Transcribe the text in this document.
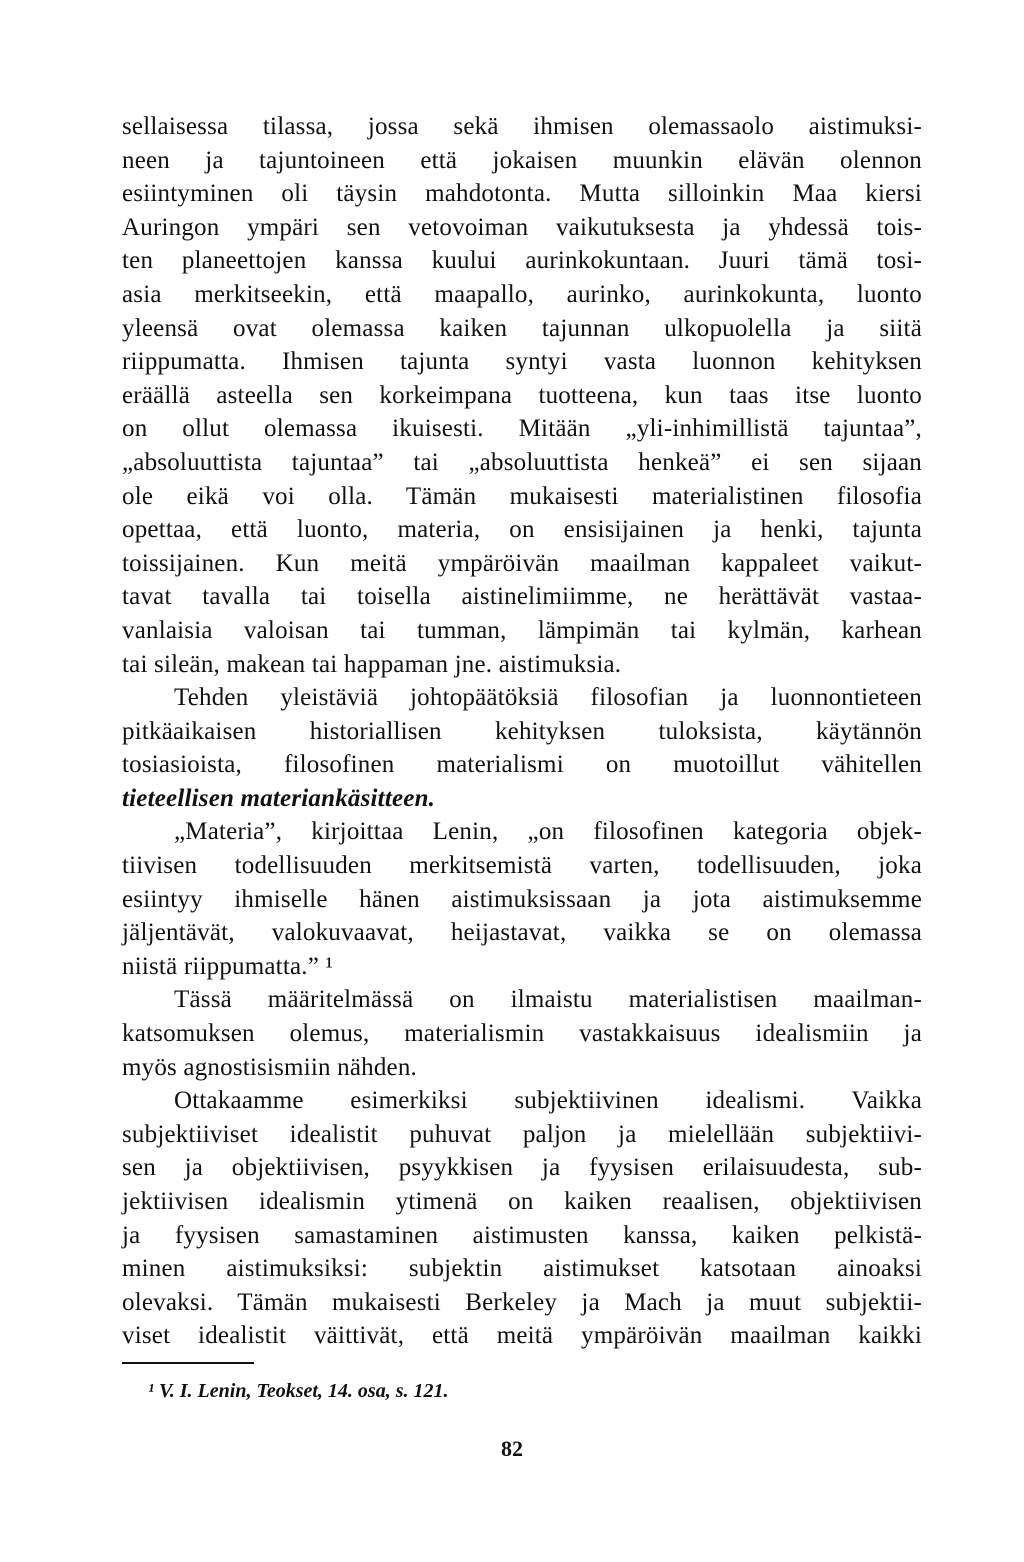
sellaisessa tilassa, jossa sekä ihmisen olemassaolo aistimuksi-
neen ja tajuntoineen että jokaisen muunkin elävän olennon
esiintyminen oli täysin mahdotonta. Mutta silloinkin Maa kiersi
Auringon ympäri sen vetovoiman vaikutuksesta ja yhdessä tois-
ten planeettojen kanssa kuului aurinkokuntaan. Juuri tämä tosi-
asia merkitseekin, että maapallo, aurinko, aurinkokunta, luonto
yleensä ovat olemassa kaiken tajunnan ulkopuolella ja siitä
riippumatta. Ihmisen tajunta syntyi vasta luonnon kehityksen
eräällä asteella sen korkeimpana tuotteena, kun taas itse luonto
on ollut olemassa ikuisesti. Mitään „yli-inhimillistä tajuntaa”,
„absoluuttista tajuntaa” tai „absoluuttista henkeä” ei sen sijaan
ole eikä voi olla. Tämän mukaisesti materialistinen filosofia
opettaa, että luonto, materia, on ensisijainen ja henki, tajunta
toissijainen. Kun meitä ympäröivän maailman kappaleet vaikut-
tavat tavalla tai toisella aistinelimiimme, ne herättävät vastaa-
vanlaisia valoisan tai tumman, lämpimän tai kylmän, karhean
tai sileän, makean tai happaman jne. aistimuksia.
Tehden yleistäviä johtopäätöksiä filosofian ja luonnontieteen
pitkäaikaisen historiallisen kehityksen tuloksista, käytännön
tosiasioista, filosofinen materialismi on muotoillut vähitellen
tieteellisen materiankäsitteen.
„Materia”, kirjoittaa Lenin, „on filosofinen kategoria objek-
tiivisen todellisuuden merkitsemistä varten, todellisuuden, joka
esiintyy ihmiselle hänen aistimuksissaan ja jota aistimuksemme
jäljentävät, valokuvaavat, heijastavat, vaikka se on olemassa
niistä riippumatta.” ¹
Tässä määritelmässä on ilmaistu materialistisen maailman-
katsomuksen olemus, materialismin vastakkaisuus idealismiin ja
myös agnostisismiin nähden.
Ottakaamme esimerkiksi subjektiivinen idealismi. Vaikka
subjektiiviset idealistit puhuvat paljon ja mielellään subjektiivi-
sen ja objektiivisen, psyykkisen ja fyysisen erilaisuudesta, sub-
jektiivisen idealismin ytimenä on kaiken reaalisen, objektiivisen
ja fyysisen samastaminen aistimusten kanssa, kaiken pelkistä-
minen aistimuksiksi: subjektin aistimukset katsotaan ainoaksi
olevaksi. Tämän mukaisesti Berkeley ja Mach ja muut subjektii-
viset idealistit väittivät, että meitä ympäröivän maailman kaikki
¹ V. I. Lenin, Teokset, 14. osa, s. 121.
82
